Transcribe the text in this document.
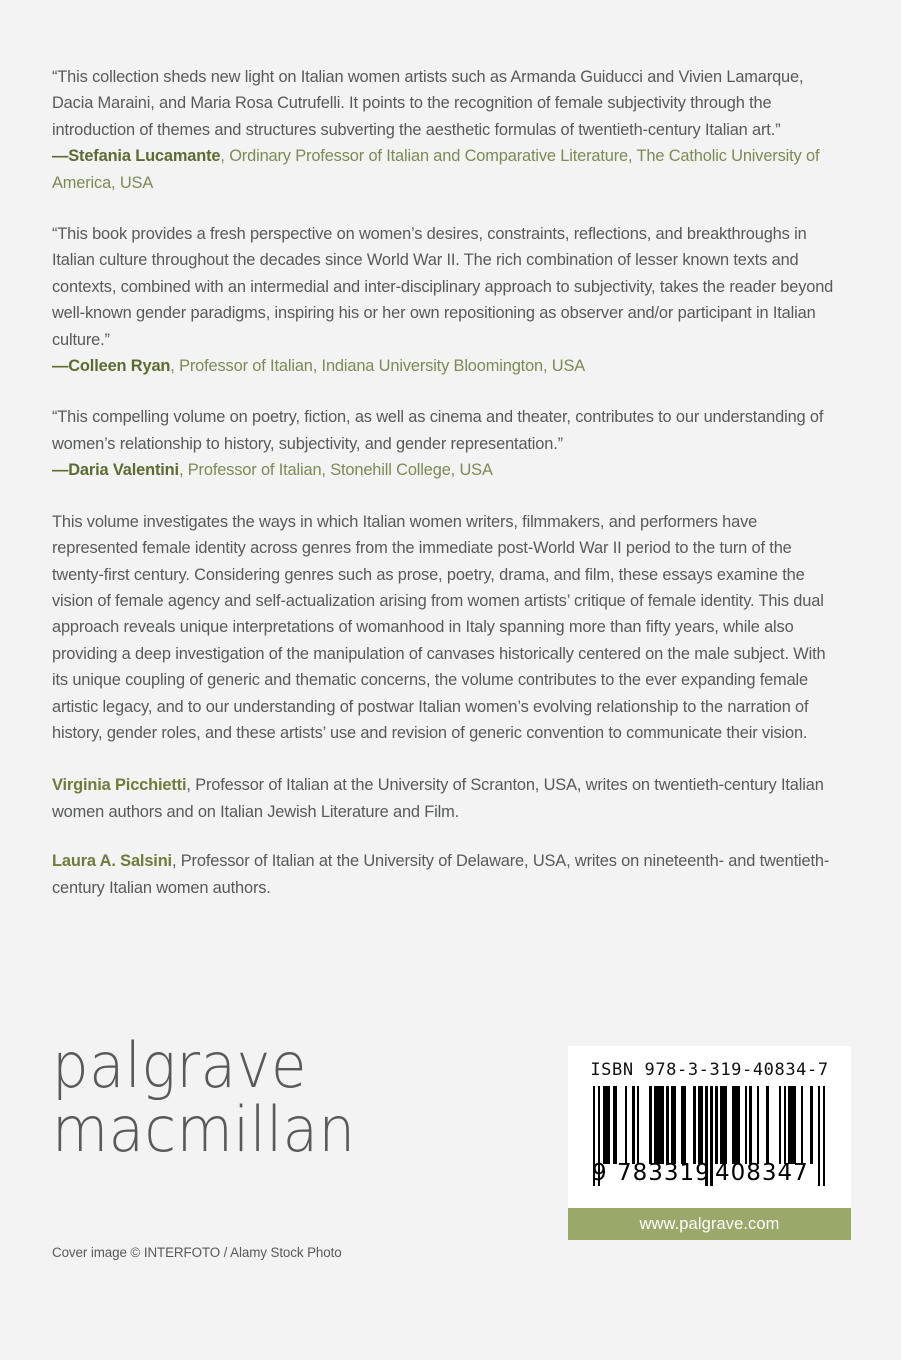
“This collection sheds new light on Italian women artists such as Armanda Guiducci and Vivien Lamarque, Dacia Maraini, and Maria Rosa Cutrufelli. It points to the recognition of female subjectivity through the introduction of themes and structures subverting the aesthetic formulas of twentieth-century Italian art.”
—Stefania Lucamante, Ordinary Professor of Italian and Comparative Literature, The Catholic University of America, USA

“This book provides a fresh perspective on women’s desires, constraints, reflections, and breakthroughs in Italian culture throughout the decades since World War II. The rich combination of lesser known texts and contexts, combined with an intermedial and inter-disciplinary approach to subjectivity, takes the reader beyond well-known gender paradigms, inspiring his or her own repositioning as observer and/or participant in Italian culture.”
—Colleen Ryan, Professor of Italian, Indiana University Bloomington, USA

“This compelling volume on poetry, fiction, as well as cinema and theater, contributes to our understanding of women’s relationship to history, subjectivity, and gender representation.”
—Daria Valentini, Professor of Italian, Stonehill College, USA

This volume investigates the ways in which Italian women writers, filmmakers, and performers have represented female identity across genres from the immediate post-World War II period to the turn of the twenty-first century. Considering genres such as prose, poetry, drama, and film, these essays examine the vision of female agency and self-actualization arising from women artists’ critique of female identity. This dual approach reveals unique interpretations of womanhood in Italy spanning more than fifty years, while also providing a deep investigation of the manipulation of canvases historically centered on the male subject. With its unique coupling of generic and thematic concerns, the volume contributes to the ever expanding female artistic legacy, and to our understanding of postwar Italian women’s evolving relationship to the narration of history, gender roles, and these artists’ use and revision of generic convention to communicate their vision.

Virginia Picchietti, Professor of Italian at the University of Scranton, USA, writes on twentieth-century Italian women authors and on Italian Jewish Literature and Film.

Laura A. Salsini, Professor of Italian at the University of Delaware, USA, writes on nineteenth- and twentieth-century Italian women authors.

palgrave
macmillan
Cover image © INTERFOTO / Alamy Stock Photo
ISBN 978-3-319-40834-7
9 783319 408347
www.palgrave.com
